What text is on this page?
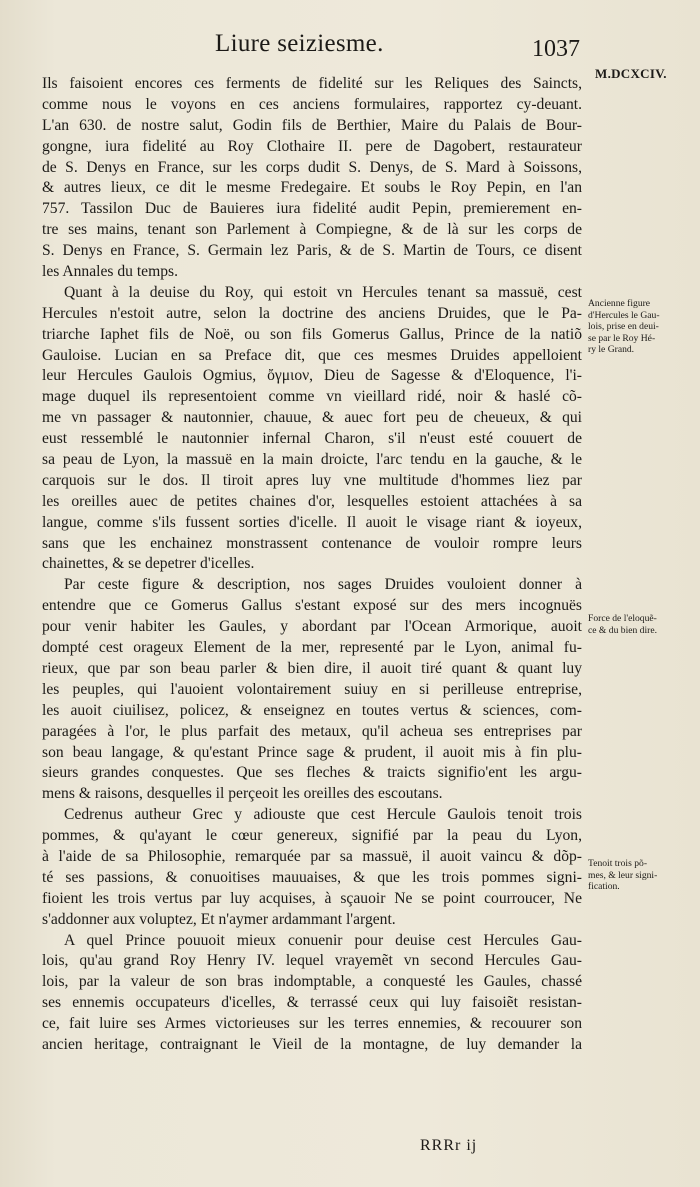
Liure seiziesme.	1037
M.DCXCIV.
Ils faisoient encores ces ferments de fidelité sur les Reliques des Saincts,
comme nous le voyons en ces anciens formulaires, rapportez cy-deuant.
L'an 630. de nostre salut, Godin fils de Berthier, Maire du Palais de Bour-
gongne, iura fidelité au Roy Clothaire II. pere de Dagobert, restaurateur
de S. Denys en France, sur les corps dudit S. Denys, de S. Mard à Soissons,
& autres lieux, ce dit le mesme Fredegaire. Et soubs le Roy Pepin, en l'an
757. Tassilon Duc de Bauieres iura fidelité audit Pepin, premierement en-
tre ses mains, tenant son Parlement à Compiegne, & de là sur les corps de
S. Denys en France, S. Germain lez Paris, & de S. Martin de Tours, ce disent
les Annales du temps.
Quant à la deuise du Roy, qui estoit vn Hercules tenant sa massuë, cest
Hercules n'estoit autre, selon la doctrine des anciens Druides, que le Pa-
triarche Iaphet fils de Noë, ou son fils Gomerus Gallus, Prince de la natiõ
Gauloise. Lucian en sa Preface dit, que ces mesmes Druides appelloient
leur Hercules Gaulois Ogmius, ὄγμιον, Dieu de Sagesse & d'Eloquence, l'i-
mage duquel ils representoient comme vn vieillard ridé, noir & haslé cõ-
me vn passager & nautonnier, chauue, & auec fort peu de cheueux, & qui
eust ressemblé le nautonnier infernal Charon, s'il n'eust esté couuert de
sa peau de Lyon, la massuë en la main droicte, l'arc tendu en la gauche, & le
carquois sur le dos. Il tiroit apres luy vne multitude d'hommes liez par
les oreilles auec de petites chaines d'or, lesquelles estoient attachées à sa
langue, comme s'ils fussent sorties d'icelle. Il auoit le visage riant & ioyeux,
sans que les enchainez monstrassent contenance de vouloir rompre leurs
chainettes, & se depetrer d'icelles.
Par ceste figure & description, nos sages Druides vouloient donner à
entendre que ce Gomerus Gallus s'estant exposé sur des mers incognuës
pour venir habiter les Gaules, y abordant par l'Ocean Armorique, auoit
dompté cest orageux Element de la mer, representé par le Lyon, animal fu-
rieux, que par son beau parler & bien dire, il auoit tiré quant & quant luy
les peuples, qui l'auoient volontairement suiuy en si perilleuse entreprise,
les auoit ciuilisez, policez, & enseignez en toutes vertus & sciences, com-
paragées à l'or, le plus parfait des metaux, qu'il acheua ses entreprises par
son beau langage, & qu'estant Prince sage & prudent, il auoit mis à fin plu-
sieurs grandes conquestes. Que ses fleches & traicts signifio'ent les argu-
mens & raisons, desquelles il perçeoit les oreilles des escoutans.
Cedrenus autheur Grec y adiouste que cest Hercule Gaulois tenoit trois
pommes, & qu'ayant le cœur genereux, signifié par la peau du Lyon,
à l'aide de sa Philosophie, remarquée par sa massuë, il auoit vaincu & dõp-
té ses passions, & conuoitises mauuaises, & que les trois pommes signi-
fioient les trois vertus par luy acquises, à sçauoir Ne se point courroucer, Ne
s'addonner aux voluptez, Et n'aymer ardammant l'argent.
A quel Prince pouuoit mieux conuenir pour deuise cest Hercules Gau-
lois, qu'au grand Roy Henry IV. lequel vrayemẽt vn second Hercules Gau-
lois, par la valeur de son bras indomptable, a conquesté les Gaules, chassé
ses ennemis occupateurs d'icelles, & terrassé ceux qui luy faisoiẽt resistan-
ce, fait luire ses Armes victorieuses sur les terres ennemies, & recouurer son
ancien heritage, contraignant le Vieil de la montagne, de luy demander la
Ancienne figure
d'Hercules le Gau-
lois, prise en deui-
se par le Roy Hé-
ry le Grand.
Force de l'eloquẽ-
ce & du bien dire.
Tenoit trois põ-
mes, & leur signi-
fication.
RRRr ij
